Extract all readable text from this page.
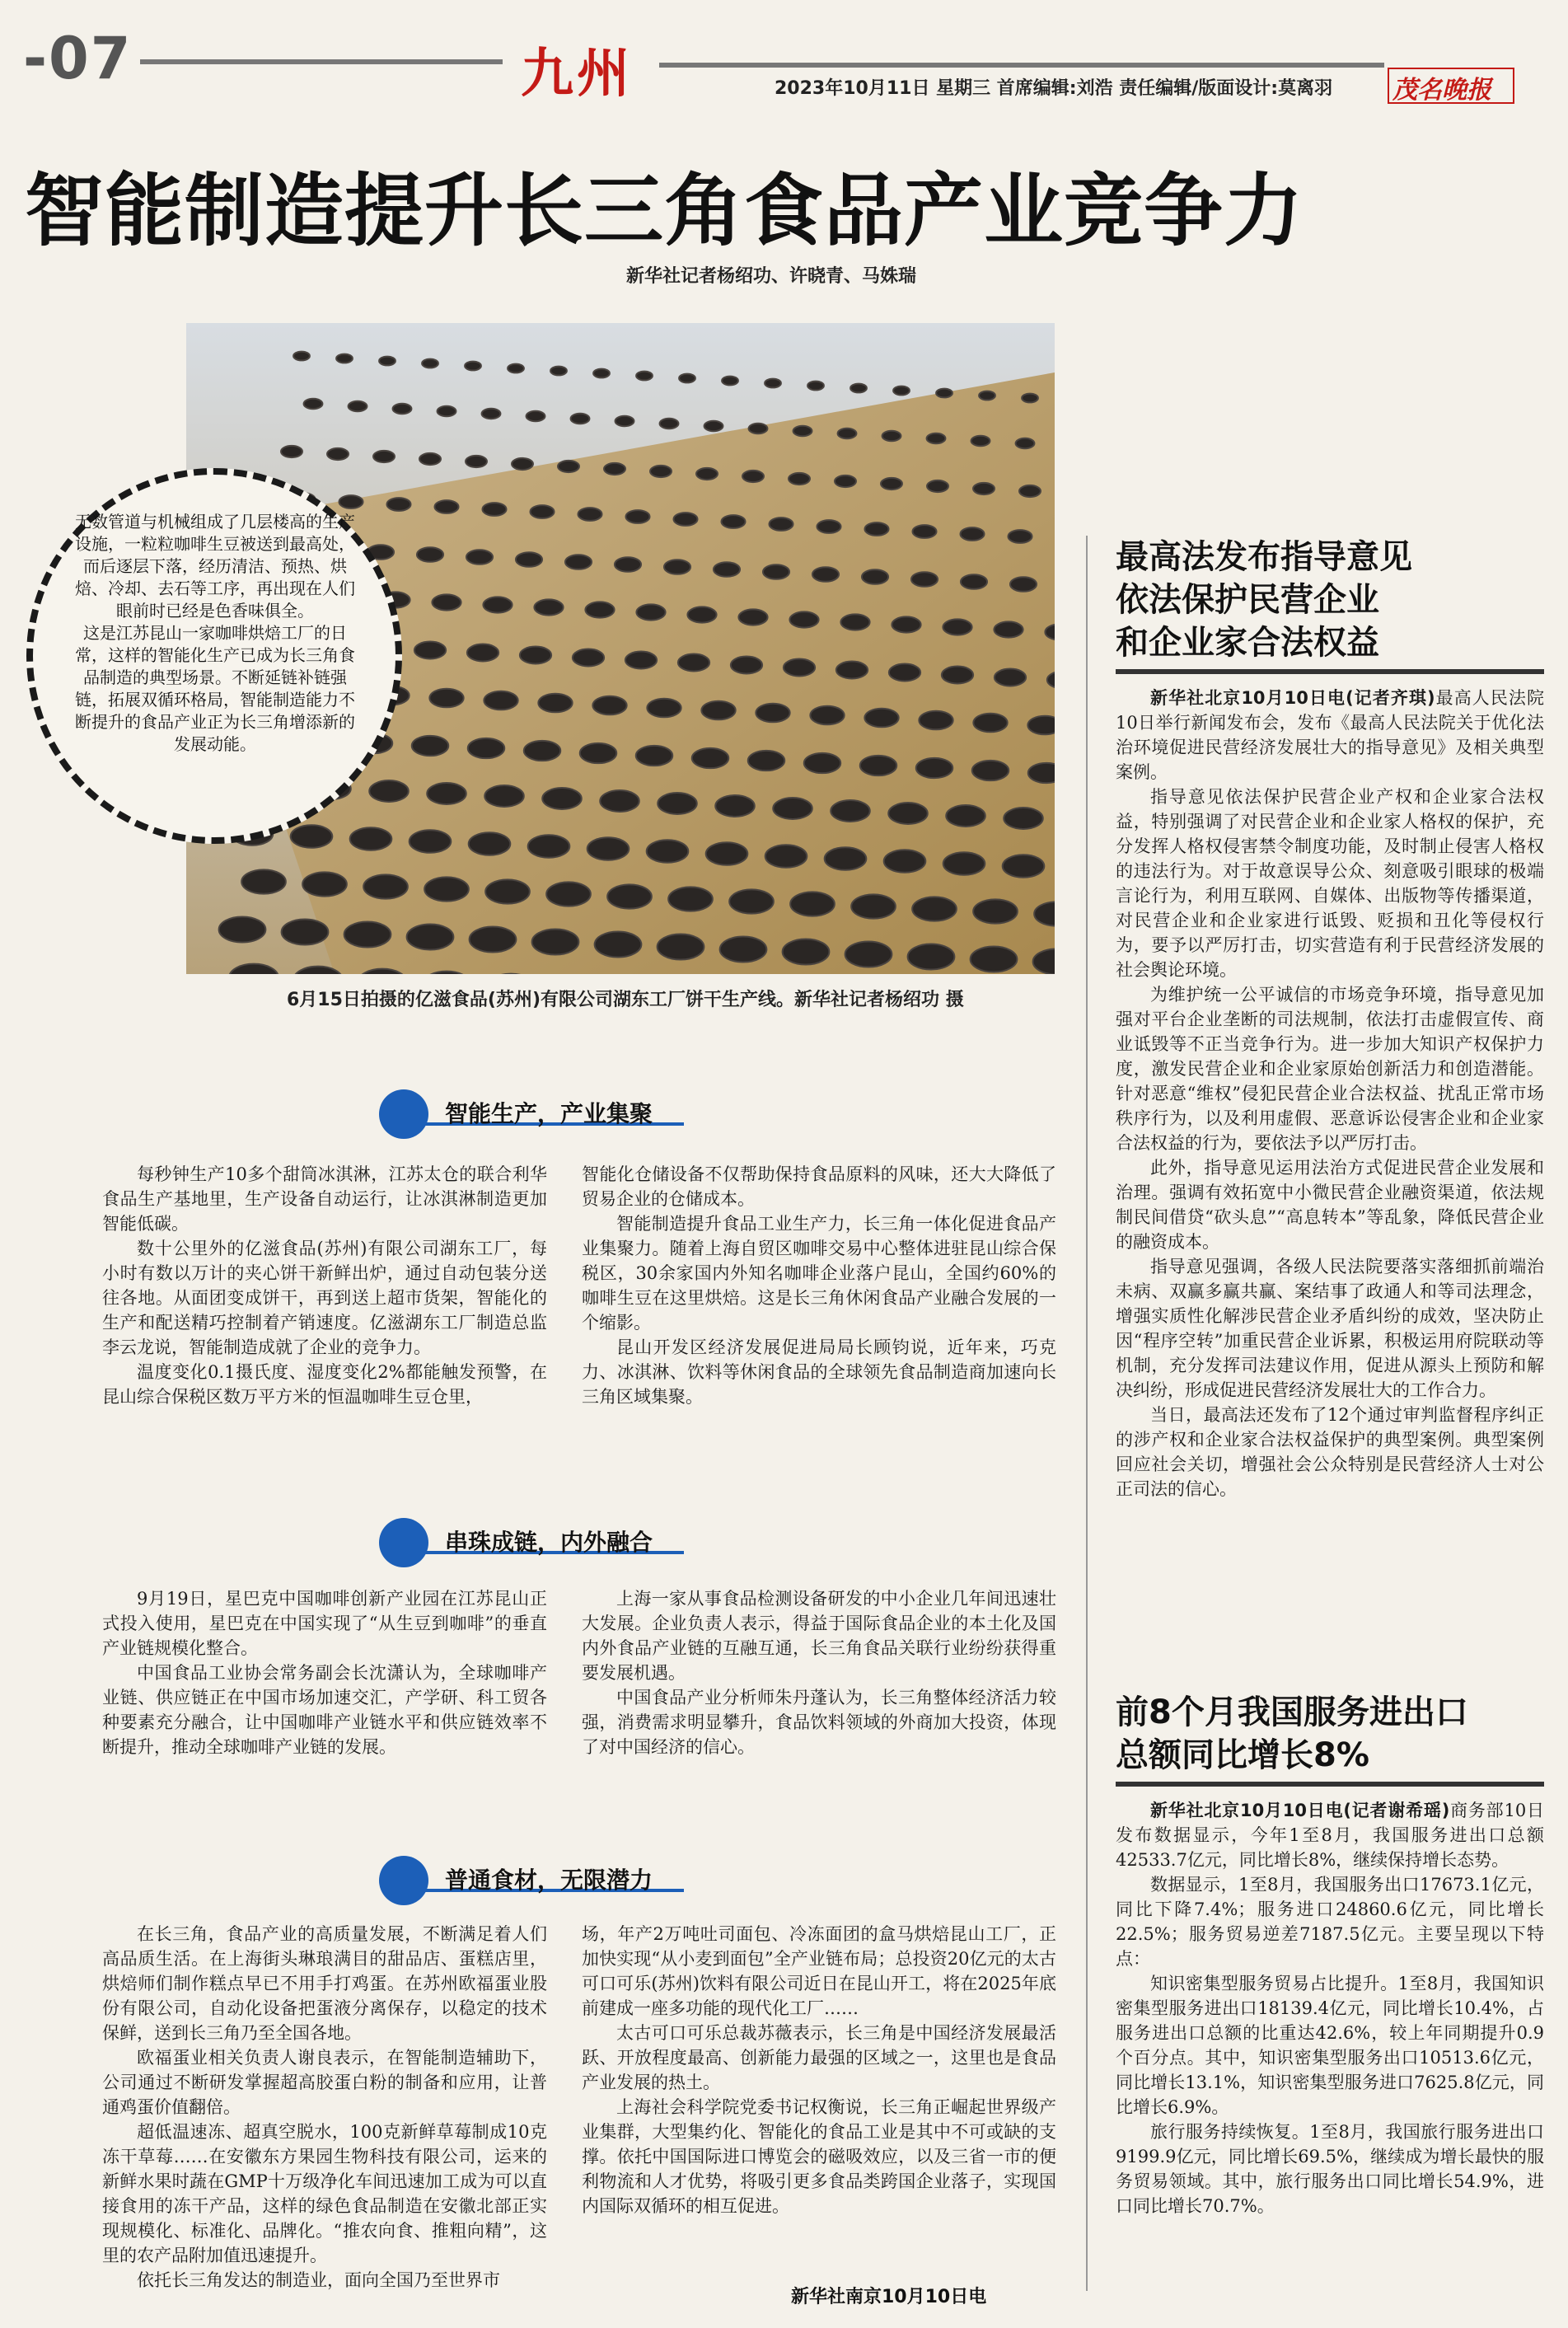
-07	九州	2023年10月11日 星期三 首席编辑:刘浩 责任编辑/版面设计:莫离羽 茂名晚报
智能制造提升长三角食品产业竞争力
新华社记者杨绍功、许晓青、马姝瑞
6月15日拍摄的亿滋食品(苏州)有限公司湖东工厂饼干生产线。新华社记者杨绍功 摄

无数管道与机械组成了几层楼高的生产设施，一粒粒咖啡生豆被送到最高处，而后逐层下落，经历清洁、预热、烘焙、冷却、去石等工序，再出现在人们眼前时已经是色香味俱全。

这是江苏昆山一家咖啡烘焙工厂的日常，这样的智能化生产已成为长三角食品制造的典型场景。不断延链补链强链，拓展双循环格局，智能制造能力不断提升的食品产业正为长三角增添新的发展动能。

智能生产，产业集聚

每秒钟生产10多个甜筒冰淇淋，江苏太仓的联合利华食品生产基地里，生产设备自动运行，让冰淇淋制造更加智能低碳。

数十公里外的亿滋食品(苏州)有限公司湖东工厂，每小时有数以万计的夹心饼干新鲜出炉，通过自动包装分送往各地。从面团变成饼干，再到送上超市货架，智能化的生产和配送精巧控制着产销速度。亿滋湖东工厂制造总监李云龙说，智能制造成就了企业的竞争力。

温度变化0.1摄氏度、湿度变化2%都能触发预警，在昆山综合保税区数万平方米的恒温咖啡生豆仓里，

智能化仓储设备不仅帮助保持食品原料的风味，还大大降低了贸易企业的仓储成本。

智能制造提升食品工业生产力，长三角一体化促进食品产业集聚力。随着上海自贸区咖啡交易中心整体进驻昆山综合保税区，30余家国内外知名咖啡企业落户昆山，全国约60%的咖啡生豆在这里烘焙。这是长三角休闲食品产业融合发展的一个缩影。

昆山开发区经济发展促进局局长顾钧说，近年来，巧克力、冰淇淋、饮料等休闲食品的全球领先食品制造商加速向长三角区域集聚。

串珠成链，内外融合

9月19日，星巴克中国咖啡创新产业园在江苏昆山正式投入使用，星巴克在中国实现了“从生豆到咖啡”的垂直产业链规模化整合。

中国食品工业协会常务副会长沈潇认为，全球咖啡产业链、供应链正在中国市场加速交汇，产学研、科工贸各种要素充分融合，让中国咖啡产业链水平和供应链效率不断提升，推动全球咖啡产业链的发展。

上海一家从事食品检测设备研发的中小企业几年间迅速壮大发展。企业负责人表示，得益于国际食品企业的本土化及国内外食品产业链的互融互通，长三角食品关联行业纷纷获得重要发展机遇。

中国食品产业分析师朱丹蓬认为，长三角整体经济活力较强，消费需求明显攀升，食品饮料领域的外商加大投资，体现了对中国经济的信心。

普通食材，无限潜力

在长三角，食品产业的高质量发展，不断满足着人们高品质生活。在上海街头琳琅满目的甜品店、蛋糕店里，烘焙师们制作糕点早已不用手打鸡蛋。在苏州欧福蛋业股份有限公司，自动化设备把蛋液分离保存，以稳定的技术保鲜，送到长三角乃至全国各地。

欧福蛋业相关负责人谢良表示，在智能制造辅助下，公司通过不断研发掌握超高胶蛋白粉的制备和应用，让普通鸡蛋价值翻倍。

超低温速冻、超真空脱水，100克新鲜草莓制成10克冻干草莓……在安徽东方果园生物科技有限公司，运来的新鲜水果时蔬在GMP十万级净化车间迅速加工成为可以直接食用的冻干产品，这样的绿色食品制造在安徽北部正实现规模化、标准化、品牌化。“推农向食、推粗向精”，这里的农产品附加值迅速提升。

依托长三角发达的制造业，面向全国乃至世界市

场，年产2万吨吐司面包、冷冻面团的盒马烘焙昆山工厂，正加快实现“从小麦到面包”全产业链布局；总投资20亿元的太古可口可乐(苏州)饮料有限公司近日在昆山开工，将在2025年底前建成一座多功能的现代化工厂……

太古可口可乐总裁苏薇表示，长三角是中国经济发展最活跃、开放程度最高、创新能力最强的区域之一，这里也是食品产业发展的热土。

上海社会科学院党委书记权衡说，长三角正崛起世界级产业集群，大型集约化、智能化的食品工业是其中不可或缺的支撑。依托中国国际进口博览会的磁吸效应，以及三省一市的便利物流和人才优势，将吸引更多食品类跨国企业落子，实现国内国际双循环的相互促进。

新华社南京10月10日电
最高法发布指导意见
依法保护民营企业
和企业家合法权益

新华社北京10月10日电(记者齐琪)最高人民法院10日举行新闻发布会，发布《最高人民法院关于优化法治环境促进民营经济发展壮大的指导意见》及相关典型案例。

指导意见依法保护民营企业产权和企业家合法权益，特别强调了对民营企业和企业家人格权的保护，充分发挥人格权侵害禁令制度功能，及时制止侵害人格权的违法行为。对于故意误导公众、刻意吸引眼球的极端言论行为，利用互联网、自媒体、出版物等传播渠道，对民营企业和企业家进行诋毁、贬损和丑化等侵权行为，要予以严厉打击，切实营造有利于民营经济发展的社会舆论环境。

为维护统一公平诚信的市场竞争环境，指导意见加强对平台企业垄断的司法规制，依法打击虚假宣传、商业诋毁等不正当竞争行为。进一步加大知识产权保护力度，激发民营企业和企业家原始创新活力和创造潜能。针对恶意“维权”侵犯民营企业合法权益、扰乱正常市场秩序行为，以及利用虚假、恶意诉讼侵害企业和企业家合法权益的行为，要依法予以严厉打击。

此外，指导意见运用法治方式促进民营企业发展和治理。强调有效拓宽中小微民营企业融资渠道，依法规制民间借贷“砍头息”“高息转本”等乱象，降低民营企业的融资成本。

指导意见强调，各级人民法院要落实落细抓前端治未病、双赢多赢共赢、案结事了政通人和等司法理念，增强实质性化解涉民营企业矛盾纠纷的成效，坚决防止因“程序空转”加重民营企业诉累，积极运用府院联动等机制，充分发挥司法建议作用，促进从源头上预防和解决纠纷，形成促进民营经济发展壮大的工作合力。

当日，最高法还发布了12个通过审判监督程序纠正的涉产权和企业家合法权益保护的典型案例。典型案例回应社会关切，增强社会公众特别是民营经济人士对公正司法的信心。

前8个月我国服务进出口
总额同比增长8%

新华社北京10月10日电(记者谢希瑶)商务部10日发布数据显示，今年1至8月，我国服务进出口总额42533.7亿元，同比增长8%，继续保持增长态势。

数据显示，1至8月，我国服务出口17673.1亿元，同比下降7.4%；服务进口24860.6亿元，同比增长22.5%；服务贸易逆差7187.5亿元。主要呈现以下特点：

知识密集型服务贸易占比提升。1至8月，我国知识密集型服务进出口18139.4亿元，同比增长10.4%，占服务进出口总额的比重达42.6%，较上年同期提升0.9个百分点。其中，知识密集型服务出口10513.6亿元，同比增长13.1%，知识密集型服务进口7625.8亿元，同比增长6.9%。

旅行服务持续恢复。1至8月，我国旅行服务进出口9199.9亿元，同比增长69.5%，继续成为增长最快的服务贸易领域。其中，旅行服务出口同比增长54.9%，进口同比增长70.7%。
